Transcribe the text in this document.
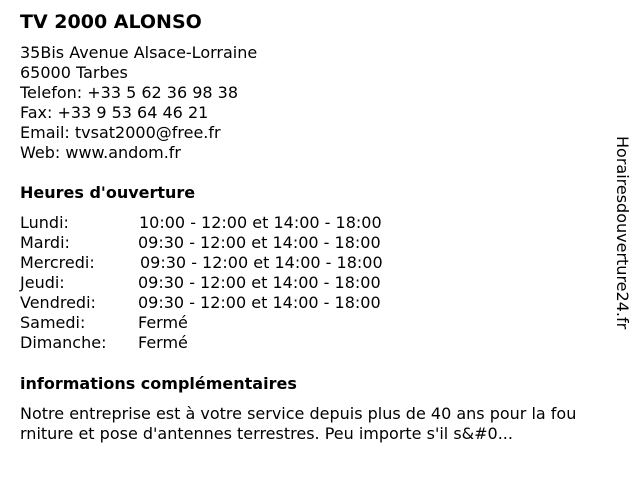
TV 2000 ALONSO
35Bis Avenue Alsace-Lorraine
65000 Tarbes
Telefon: +33 5 62 36 98 38
Fax: +33 9 53 64 46 21
Email: tvsat2000@free.fr
Web: www.andom.fr
Heures d'ouverture
Lundi:	10:00 - 12:00 et 14:00 - 18:00
Mardi:	09:30 - 12:00 et 14:00 - 18:00
Mercredi:	09:30 - 12:00 et 14:00 - 18:00
Jeudi:	09:30 - 12:00 et 14:00 - 18:00
Vendredi:	09:30 - 12:00 et 14:00 - 18:00
Samedi:	Fermé
Dimanche: Fermé
informations complémentaires
Notre entreprise est à votre service depuis plus de 40 ans pour la fou
rniture et pose d'antennes terrestres. Peu importe s'il s&#0...
Horairesdouverture24.fr
